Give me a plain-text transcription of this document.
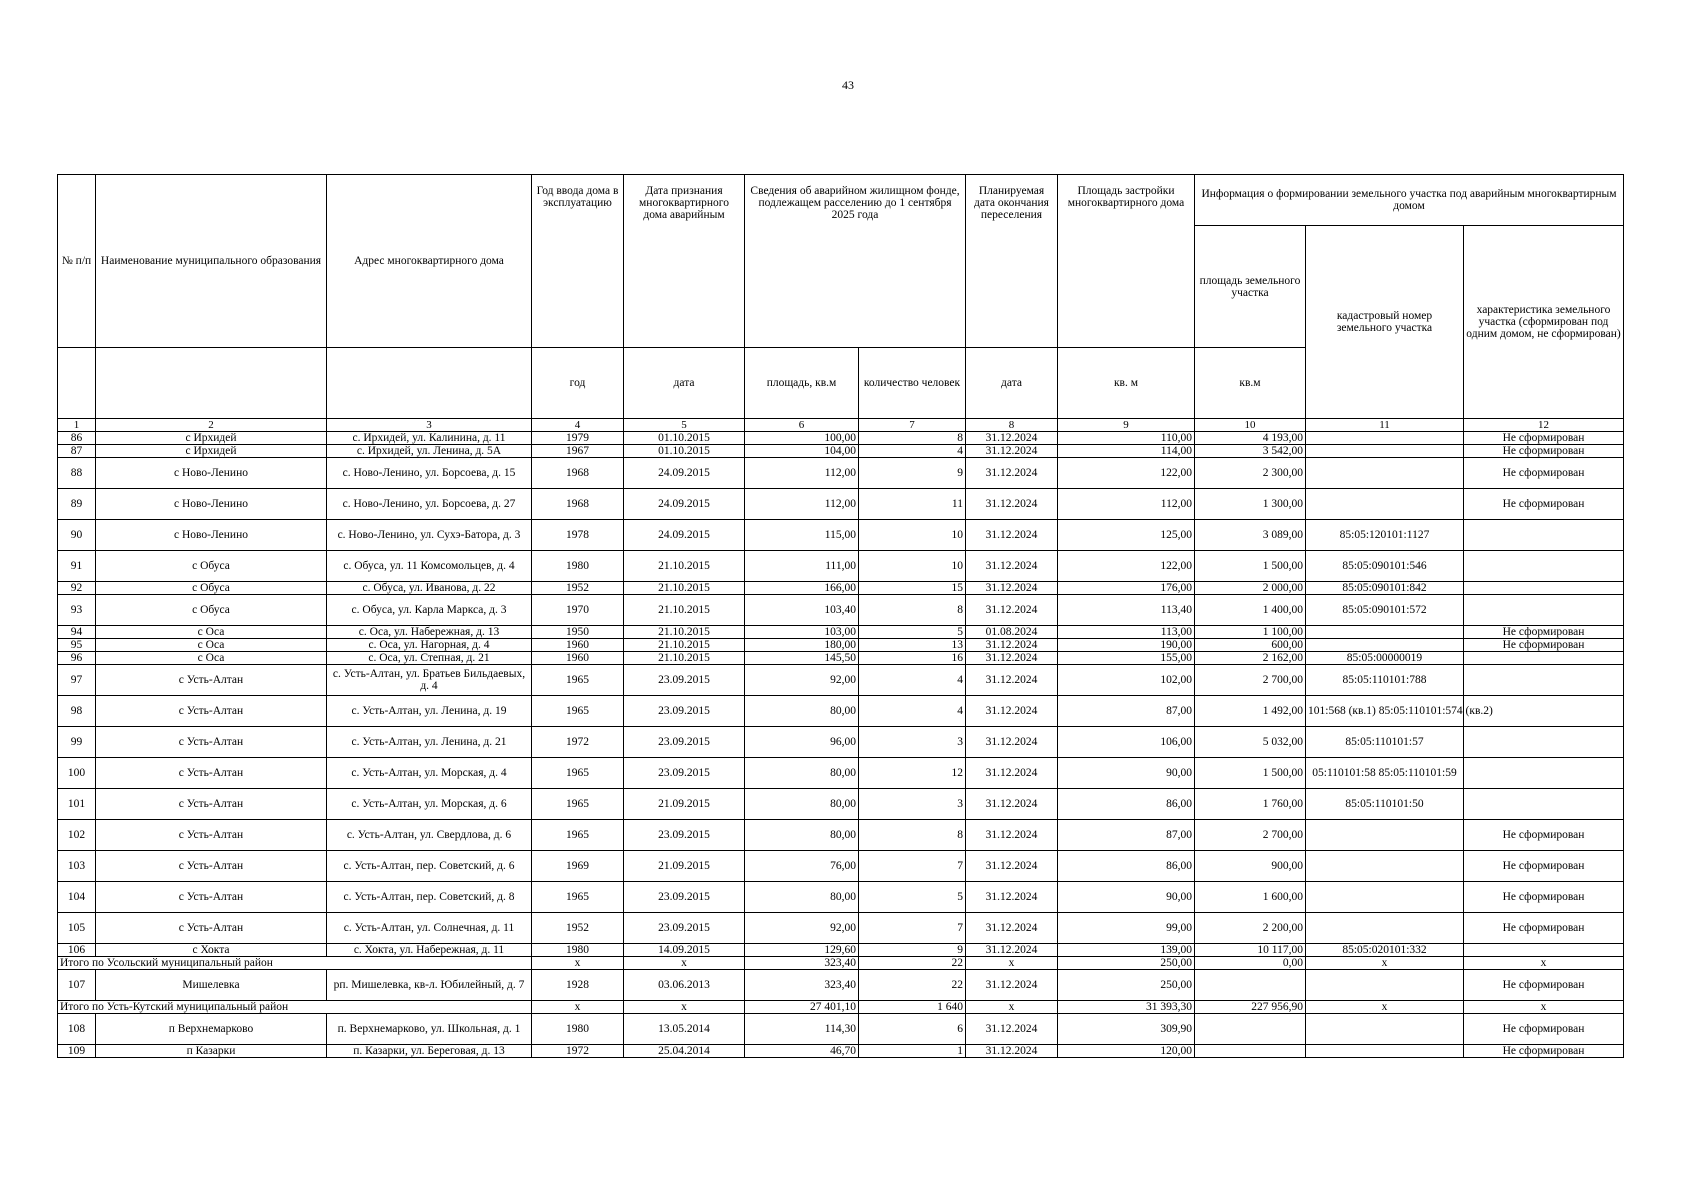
43
№ п/п	Наименование муниципального образования	Адрес многоквартирного дома	Год ввода дома в эксплуатацию	Дата признания многоквартирного дома аварийным	Сведения об аварийном жилищном фонде, подлежащем расселению до 1 сентября 2025 года		Планируемая дата окончания переселения	Площадь застройки многоквартирного дома	Информация о формировании земельного участка под аварийным многоквартирным домом		
									площадь земельного участка	кадастровый номер земельного участка	характеристика земельного участка (сформирован под одним домом, не сформирован)
			год	дата	площадь, кв.м	количество человек	дата	кв. м	кв.м		
1	2	3	4	5	6	7	8	9	10	11	12
86	с Ирхидей	с. Ирхидей, ул. Калинина, д. 11	1979	01.10.2015	100,00	8	31.12.2024	110,00	4 193,00		Не сформирован
87	с Ирхидей	с. Ирхидей, ул. Ленина, д. 5А	1967	01.10.2015	104,00	4	31.12.2024	114,00	3 542,00		Не сформирован
88	с Ново-Ленино	с. Ново-Ленино, ул. Борсоева, д. 15	1968	24.09.2015	112,00	9	31.12.2024	122,00	2 300,00		Не сформирован
89	с Ново-Ленино	с. Ново-Ленино, ул. Борсоева, д. 27	1968	24.09.2015	112,00	11	31.12.2024	112,00	1 300,00		Не сформирован
90	с Ново-Ленино	с. Ново-Ленино, ул. Сухэ-Батора, д. 3	1978	24.09.2015	115,00	10	31.12.2024	125,00	3 089,00	85:05:120101:1127	
91	с Обуса	с. Обуса, ул. 11 Комсомольцев, д. 4	1980	21.10.2015	111,00	10	31.12.2024	122,00	1 500,00	85:05:090101:546	
92	с Обуса	с. Обуса, ул. Иванова, д. 22	1952	21.10.2015	166,00	15	31.12.2024	176,00	2 000,00	85:05:090101:842	
93	с Обуса	с. Обуса, ул. Карла Маркса, д. 3	1970	21.10.2015	103,40	8	31.12.2024	113,40	1 400,00	85:05:090101:572	
94	с Оса	с. Оса, ул. Набережная, д. 13	1950	21.10.2015	103,00	5	01.08.2024	113,00	1 100,00		Не сформирован
95	с Оса	с. Оса, ул. Нагорная, д. 4	1960	21.10.2015	180,00	13	31.12.2024	190,00	600,00		Не сформирован
96	с Оса	с. Оса, ул. Степная, д. 21	1960	21.10.2015	145,50	16	31.12.2024	155,00	2 162,00	85:05:00000019	
97	с Усть-Алтан	с. Усть-Алтан, ул. Братьев Бильдаевых, д. 4	1965	23.09.2015	92,00	4	31.12.2024	102,00	2 700,00	85:05:110101:788	
98	с Усть-Алтан	с. Усть-Алтан, ул. Ленина, д. 19	1965	23.09.2015	80,00	4	31.12.2024	87,00	1 492,00	101:568 (кв.1) 85:05:110101:574 (кв.2)	
99	с Усть-Алтан	с. Усть-Алтан, ул. Ленина, д. 21	1972	23.09.2015	96,00	3	31.12.2024	106,00	5 032,00	85:05:110101:57	
100	с Усть-Алтан	с. Усть-Алтан, ул. Морская, д. 4	1965	23.09.2015	80,00	12	31.12.2024	90,00	1 500,00	05:110101:58 85:05:110101:59	
101	с Усть-Алтан	с. Усть-Алтан, ул. Морская, д. 6	1965	21.09.2015	80,00	3	31.12.2024	86,00	1 760,00	85:05:110101:50	
102	с Усть-Алтан	с. Усть-Алтан, ул. Свердлова, д. 6	1965	23.09.2015	80,00	8	31.12.2024	87,00	2 700,00		Не сформирован
103	с Усть-Алтан	с. Усть-Алтан, пер. Советский, д. 6	1969	21.09.2015	76,00	7	31.12.2024	86,00	900,00		Не сформирован
104	с Усть-Алтан	с. Усть-Алтан, пер. Советский, д. 8	1965	23.09.2015	80,00	5	31.12.2024	90,00	1 600,00		Не сформирован
105	с Усть-Алтан	с. Усть-Алтан, ул. Солнечная, д. 11	1952	23.09.2015	92,00	7	31.12.2024	99,00	2 200,00		Не сформирован
106	с Хокта	с. Хокта, ул. Набережная, д. 11	1980	14.09.2015	129,60	9	31.12.2024	139,00	10 117,00	85:05:020101:332	
Итого по Усольский муниципальный район			х	х	323,40	22	х	250,00	0,00	х	х
107	Мишелевка	рп. Мишелевка, кв-л. Юбилейный, д. 7	1928	03.06.2013	323,40	22	31.12.2024	250,00			Не сформирован
Итого по Усть-Кутский муниципальный район			х	х	27 401,10	1 640	х	31 393,30	227 956,90	х	х
108	п Верхнемарково	п. Верхнемарково, ул. Школьная, д. 1	1980	13.05.2014	114,30	6	31.12.2024	309,90			Не сформирован
109	п Казарки	п. Казарки, ул. Береговая, д. 13	1972	25.04.2014	46,70	1	31.12.2024	120,00			Не сформирован
